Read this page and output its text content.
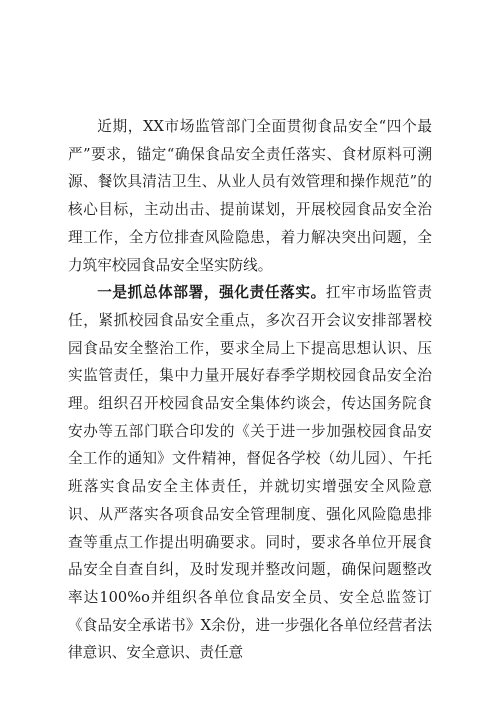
近期，XX市场监管部门全面贯彻食品安全“四个最严”要求，锚定“确保食品安全责任落实、食材原料可溯源、餐饮具清洁卫生、从业人员有效管理和操作规范”的核心目标，主动出击、提前谋划，开展校园食品安全治理工作，全方位排查风险隐患，着力解决突出问题，全力筑牢校园食品安全坚实防线。

一是抓总体部署，强化责任落实。扛牢市场监管责任，紧抓校园食品安全重点，多次召开会议安排部署校园食品安全整治工作，要求全局上下提高思想认识、压实监管责任，集中力量开展好春季学期校园食品安全治理。组织召开校园食品安全集体约谈会，传达国务院食安办等五部门联合印发的《关于进一步加强校园食品安全工作的通知》文件精神，督促各学校（幼儿园）、午托班落实食品安全主体责任，并就切实增强安全风险意识、从严落实各项食品安全管理制度、强化风险隐患排查等重点工作提出明确要求。同时，要求各单位开展食品安全自查自纠，及时发现并整改问题，确保问题整改率达100%o并组织各单位食品安全员、安全总监签订《食品安全承诺书》X余份，进一步强化各单位经营者法律意识、安全意识、责任意
